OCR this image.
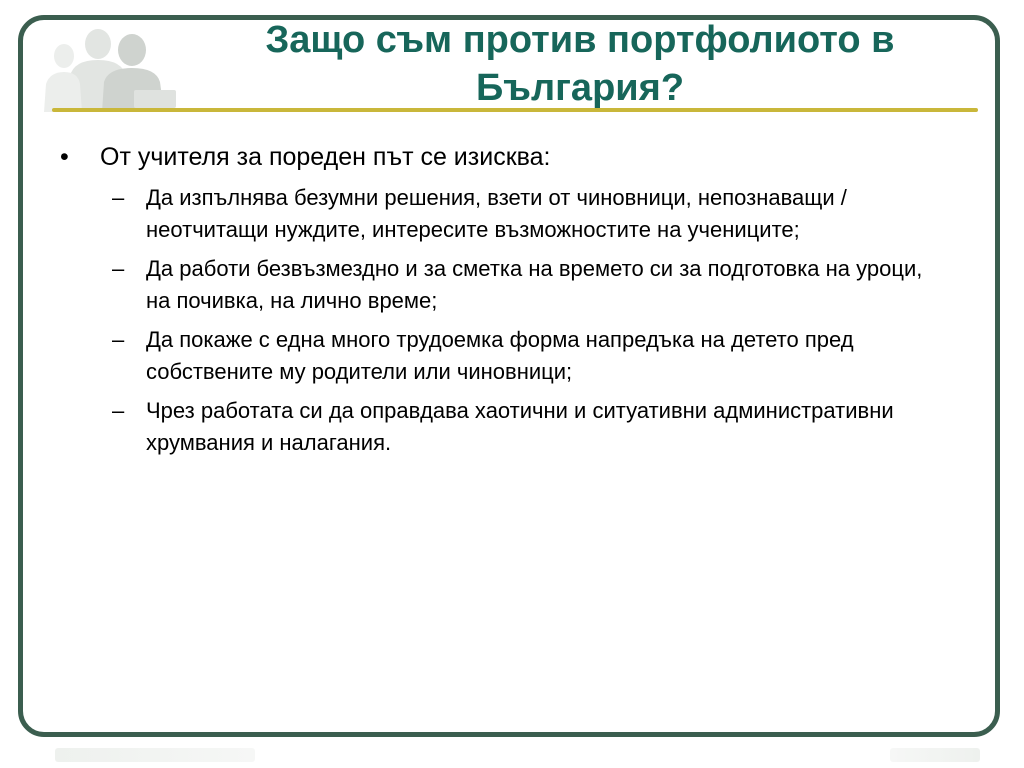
Защо съм против портфолиото в България?
• От учителя за пореден път се изисква:
– Да изпълнява безумни решения, взети от чиновници, непознаващи /неотчитащи нуждите, интересите възможностите на учениците;
– Да работи безвъзмездно и за сметка на времето си за подготовка на уроци, на почивка, на лично време;
– Да покаже с една много трудоемка форма напредъка на детето пред собствените му родители или чиновници;
– Чрез работата си да оправдава хаотични и ситуативни административни хрумвания и налагания.
